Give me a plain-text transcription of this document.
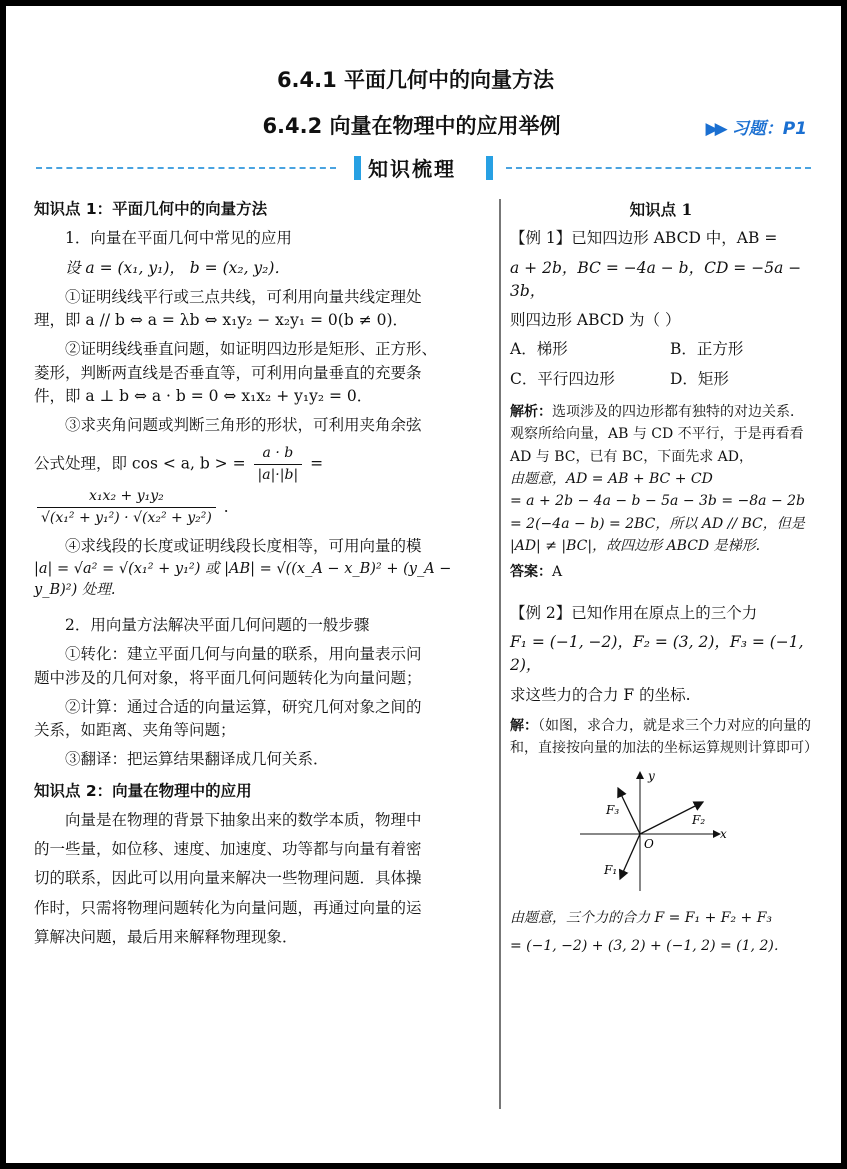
6.4.1 平面几何中的向量方法
6.4.2 向量在物理中的应用举例	▶▶ 习题：P1
知识梳理

知识点 1：平面几何中的向量方法

1．向量在平面几何中常见的应用

设 a = (x₁, y₁)， b = (x₂, y₂)．

①证明线线平行或三点共线，可利用向量共线定理处

理，即 a // b ⇔ a = λb ⇔ x₁y₂ − x₂y₁ = 0(b ≠ 0)．

②证明线线垂直问题，如证明四边形是矩形、正方形、

菱形，判断两直线是否垂直等，可利用向量垂直的充要条

件，即 a ⊥ b ⇔ a · b = 0 ⇔ x₁x₂ + y₁y₂ = 0．

③求夹角问题或判断三角形的形状，可利用夹角余弦

公式处理，即 cos < a, b > = $\frac{a \cdot b}{|a|\cdot|b|}$ =
$\frac{\text{x₁x₂ + y₁y₂}}{\text{√(x₁² + y₁²) · √(x₂² + y₂²)}}$ ．

④求线段的长度或证明线段长度相等，可用向量的模

|a| = √a² = √(x₁² + y₁²) 或 |AB| = √((x_A − x_B)² + (y_A − y_B)²) 处理.

2．用向量方法解决平面几何问题的一般步骤

①转化：建立平面几何与向量的联系，用向量表示问

题中涉及的几何对象，将平面几何问题转化为向量问题；

②计算：通过合适的向量运算，研究几何对象之间的

关系，如距离、夹角等问题；

③翻译：把运算结果翻译成几何关系．

知识点 2：向量在物理中的应用

向量是在物理的背景下抽象出来的数学本质，物理中

的一些量，如位移、速度、加速度、功等都与向量有着密

切的联系，因此可以用向量来解决一些物理问题．具体操

作时，只需将物理问题转化为向量问题，再通过向量的运

算解决问题，最后用来解释物理现象．

知识点 1

【例 1】已知四边形 ABCD 中，AB =

a + 2b，BC = −4a − b，CD = −5a − 3b，

则四边形 ABCD 为（ ）

A．梯形	B．正方形

C．平行四边形	D．矩形

解析：选项涉及的四边形都有独特的对边关系．观察所给向量，AB 与 CD 不平行，于是再看看 AD 与 BC，已有 BC，下面先求 AD，

由题意，AD = AB + BC + CD

= a + 2b − 4a − b − 5a − 3b = −8a − 2b

= 2(−4a − b) = 2BC，所以 AD // BC，但是

|AD| ≠ |BC|，故四边形 ABCD 是梯形.

答案：A

【例 2】已知作用在原点上的三个力

F₁ = (−1, −2)，F₂ = (3, 2)，F₃ = (−1, 2)，

求这些力的合力 F 的坐标.

解：（如图，求合力，就是求三个力对应的向量的和，直接按向量的加法的坐标运算规则计算即可）

y
x
O
F₁
F₂
F₃

由题意，三个力的合力 F = F₁ + F₂ + F₃

= (−1, −2) + (3, 2) + (−1, 2) = (1, 2)．
